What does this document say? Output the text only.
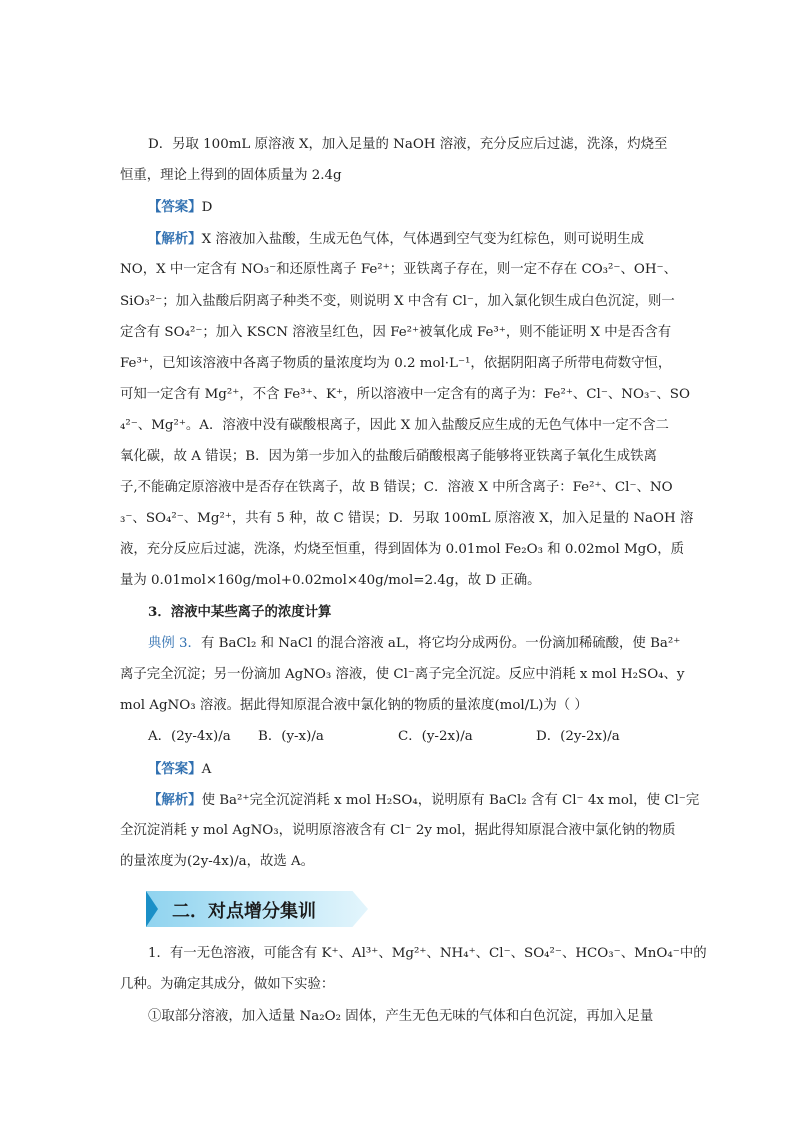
D．另取 100mL 原溶液 X，加入足量的 NaOH 溶液，充分反应后过滤，洗涤，灼烧至
恒重，理论上得到的固体质量为 2.4g
【答案】D
【解析】X 溶液加入盐酸，生成无色气体，气体遇到空气变为红棕色，则可说明生成
NO，X 中一定含有 NO₃⁻和还原性离子 Fe²⁺；亚铁离子存在，则一定不存在 CO₃²⁻、OH⁻、
SiO₃²⁻；加入盐酸后阴离子种类不变，则说明 X 中含有 Cl⁻，加入氯化钡生成白色沉淀，则一
定含有 SO₄²⁻；加入 KSCN 溶液呈红色，因 Fe²⁺被氧化成 Fe³⁺，则不能证明 X 中是否含有
Fe³⁺，已知该溶液中各离子物质的量浓度均为 0.2 mol·L⁻¹，依据阴阳离子所带电荷数守恒，
可知一定含有 Mg²⁺，不含 Fe³⁺、K⁺，所以溶液中一定含有的离子为：Fe²⁺、Cl⁻、NO₃⁻、SO
₄²⁻、Mg²⁺。A．溶液中没有碳酸根离子，因此 X 加入盐酸反应生成的无色气体中一定不含二
氧化碳，故 A 错误；B．因为第一步加入的盐酸后硝酸根离子能够将亚铁离子氧化生成铁离
子,不能确定原溶液中是否存在铁离子，故 B 错误；C．溶液 X 中所含离子：Fe²⁺、Cl⁻、NO
₃⁻、SO₄²⁻、Mg²⁺，共有 5 种，故 C 错误；D．另取 100mL 原溶液 X，加入足量的 NaOH 溶
液，充分反应后过滤，洗涤，灼烧至恒重，得到固体为 0.01mol Fe₂O₃ 和 0.02mol MgO，质
量为 0.01mol×160g/mol+0.02mol×40g/mol=2.4g，故 D 正确。
3．溶液中某些离子的浓度计算
典例 3．有 BaCl₂ 和 NaCl 的混合溶液 aL，将它均分成两份。一份滴加稀硫酸，使 Ba²⁺
离子完全沉淀；另一份滴加 AgNO₃ 溶液，使 Cl⁻离子完全沉淀。反应中消耗 x mol H₂SO₄、y
mol AgNO₃ 溶液。据此得知原混合液中氯化钠的物质的量浓度(mol/L)为（ ）
A．(2y-4x)/a B．(y-x)/a	C．(y-2x)/a	D．(2y-2x)/a
【答案】A
【解析】使 Ba²⁺完全沉淀消耗 x mol H₂SO₄，说明原有 BaCl₂ 含有 Cl⁻ 4x mol，使 Cl⁻完
全沉淀消耗 y mol AgNO₃，说明原溶液含有 Cl⁻ 2y mol，据此得知原混合液中氯化钠的物质
的量浓度为(2y-4x)/a，故选 A。
二．对点增分集训
1．有一无色溶液，可能含有 K⁺、Al³⁺、Mg²⁺、NH₄⁺、Cl⁻、SO₄²⁻、HCO₃⁻、MnO₄⁻中的
几种。为确定其成分，做如下实验：
①取部分溶液，加入适量 Na₂O₂ 固体，产生无色无味的气体和白色沉淀，再加入足量
